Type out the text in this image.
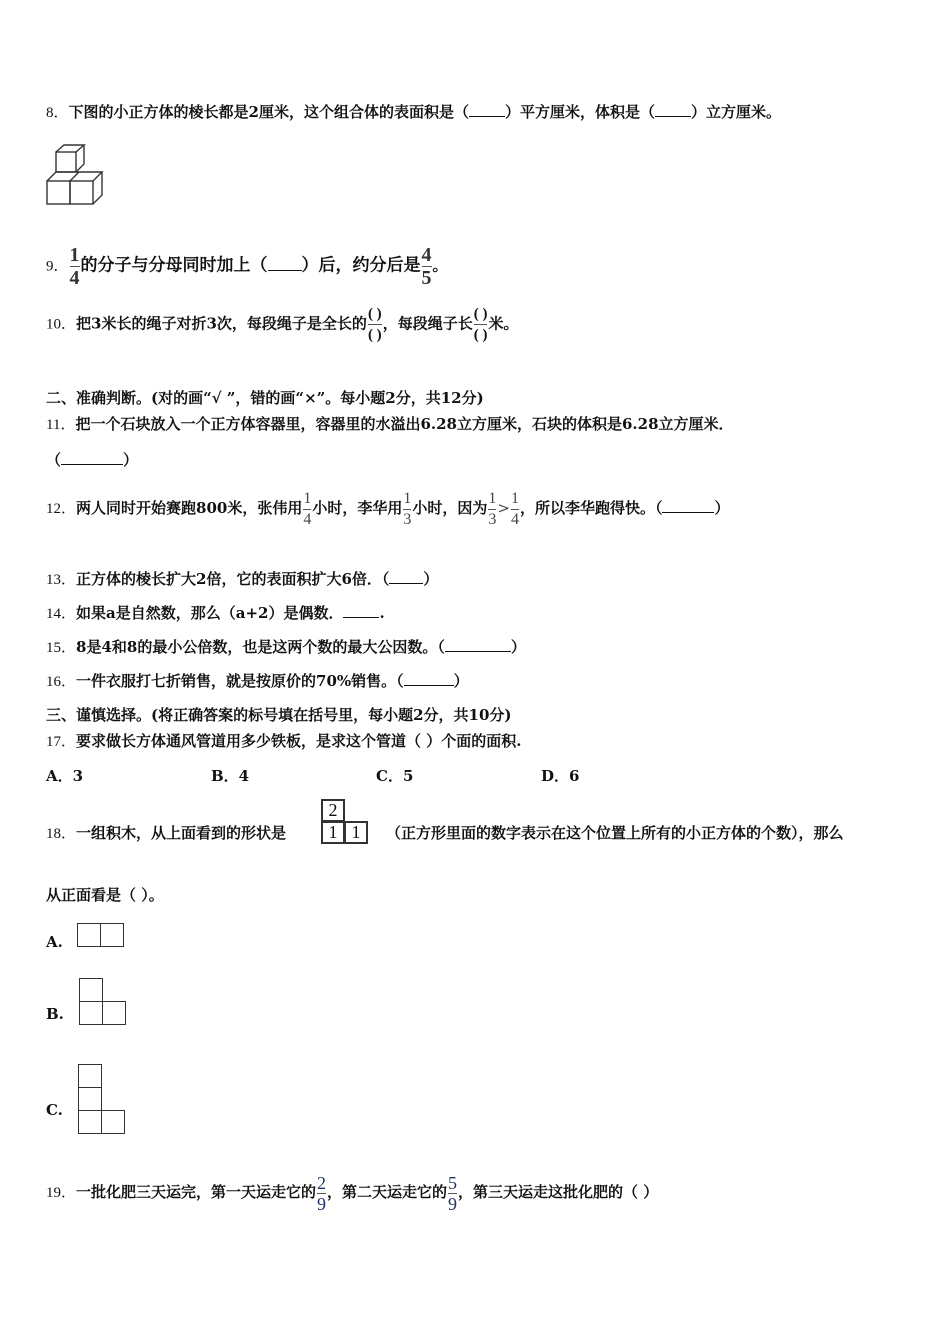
8．下图的小正方体的棱长都是2厘米，这个组合体的表面积是（ ）平方厘米，体积是（ ）立方厘米。
9． $\frac{1}{4}$ 的分子与分母同时加上（ ）后，约分后是 $\frac{4}{5}$ 。
10．把3米长的绳子对折3次，每段绳子是全长的 $\frac{( )}{( )}$ ，每段绳子长 $\frac{( )}{( )}$ 米。
二、准确判断。(对的画“√ ”，错的画“×”。每小题2分，共12分)
11．把一个石块放入一个正方体容器里，容器里的水溢出6.28立方厘米，石块的体积是6.28立方厘米．
（	）
12．两人同时开始赛跑800米，张伟用 $\frac{1}{4}$ 小时，李华用 $\frac{1}{3}$ 小时，因为 $\frac{1}{3} > \frac{1}{4}$ ，所以李华跑得快。（	）
13．正方体的棱长扩大2倍，它的表面积扩大6倍．（ ）
14．如果a是自然数，那么（a+2）是偶数． .
15．8是4和8的最小公倍数，也是这两个数的最大公因数。（	）
16．一件衣服打七折销售，就是按原价的70%销售。（	）
三、谨慎选择。(将正确答案的标号填在括号里，每小题2分，共10分)
17．要求做长方体通风管道用多少铁板，是求这个管道（ ）个面的面积.
A．3	B．4	C．5	D．6
18．一组积木，从上面看到的形状是
2
1 1	（正方形里面的数字表示在这个位置上所有的小正方体的个数），那么
从正面看是（ ）。
A.
B.
C.
19．一批化肥三天运完，第一天运走它的 $\frac{2}{9}$ ，第二天运走它的 $\frac{5}{9}$ ，第三天运走这批化肥的（ ）
